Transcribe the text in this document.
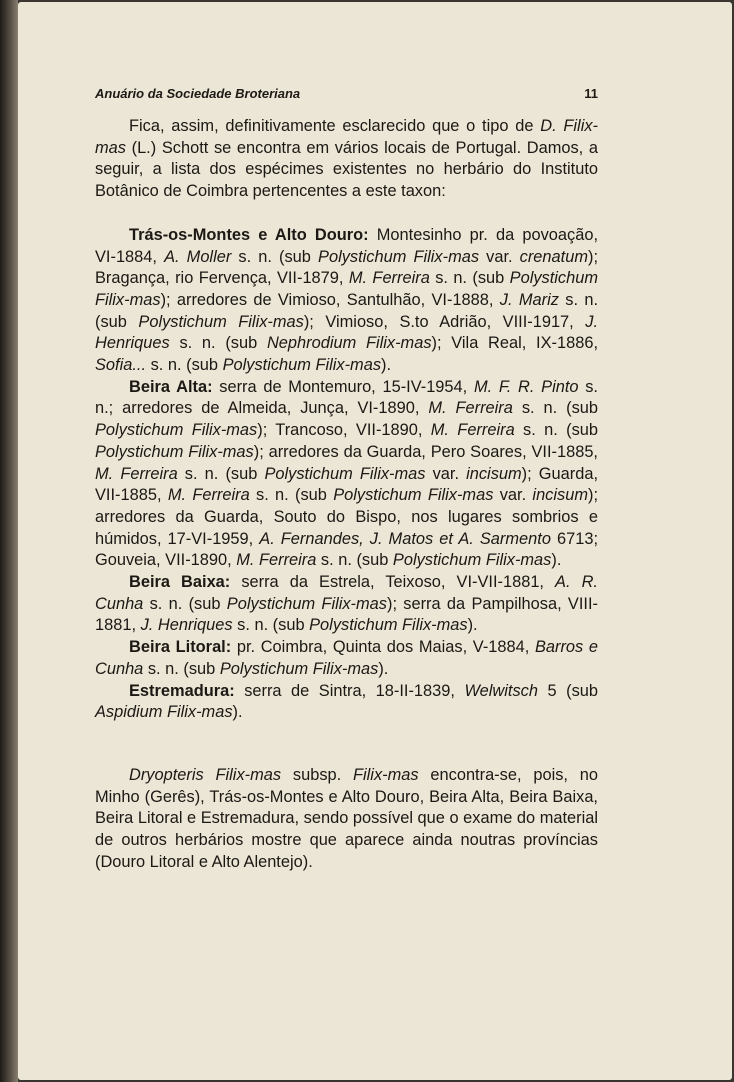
Anuário da Sociedade Broteriana	11

Fica, assim, definitivamente esclarecido que o tipo de D. Filix-mas (L.) Schott se encontra em vários locais de Portugal. Damos, a seguir, a lista dos espécimes existentes no herbário do Instituto Botânico de Coimbra pertencentes a este taxon:

Trás-os-Montes e Alto Douro: Montesinho pr. da povoação, VI-1884, A. Moller s. n. (sub Polystichum Filix-mas var. crenatum); Bragança, rio Fervença, VII-1879, M. Ferreira s. n. (sub Polystichum Filix-mas); arredores de Vimioso, Santulhão, VI-1888, J. Mariz s. n. (sub Polystichum Filix-mas); Vimioso, S.to Adrião, VIII-1917, J. Henriques s. n. (sub Nephrodium Filix-mas); Vila Real, IX-1886, Sofia... s. n. (sub Polystichum Filix-mas).

Beira Alta: serra de Montemuro, 15-IV-1954, M. F. R. Pinto s. n.; arredores de Almeida, Junça, VI-1890, M. Ferreira s. n. (sub Polystichum Filix-mas); Trancoso, VII-1890, M. Ferreira s. n. (sub Polystichum Filix-mas); arredores da Guarda, Pero Soares, VII-1885, M. Ferreira s. n. (sub Polystichum Filix-mas var. incisum); Guarda, VII-1885, M. Ferreira s. n. (sub Polystichum Filix-mas var. incisum); arredores da Guarda, Souto do Bispo, nos lugares sombrios e húmidos, 17-VI-1959, A. Fernandes, J. Matos et A. Sarmento 6713; Gouveia, VII-1890, M. Ferreira s. n. (sub Polystichum Filix-mas).

Beira Baixa: serra da Estrela, Teixoso, VI-VII-1881, A. R. Cunha s. n. (sub Polystichum Filix-mas); serra da Pampilhosa, VIII-1881, J. Henriques s. n. (sub Polystichum Filix-mas).

Beira Litoral: pr. Coimbra, Quinta dos Maias, V-1884, Barros e Cunha s. n. (sub Polystichum Filix-mas).

Estremadura: serra de Sintra, 18-II-1839, Welwitsch 5 (sub Aspidium Filix-mas).

Dryopteris Filix-mas subsp. Filix-mas encontra-se, pois, no Minho (Gerês), Trás-os-Montes e Alto Douro, Beira Alta, Beira Baixa, Beira Litoral e Estremadura, sendo possível que o exame do material de outros herbários mostre que aparece ainda noutras províncias (Douro Litoral e Alto Alentejo).
